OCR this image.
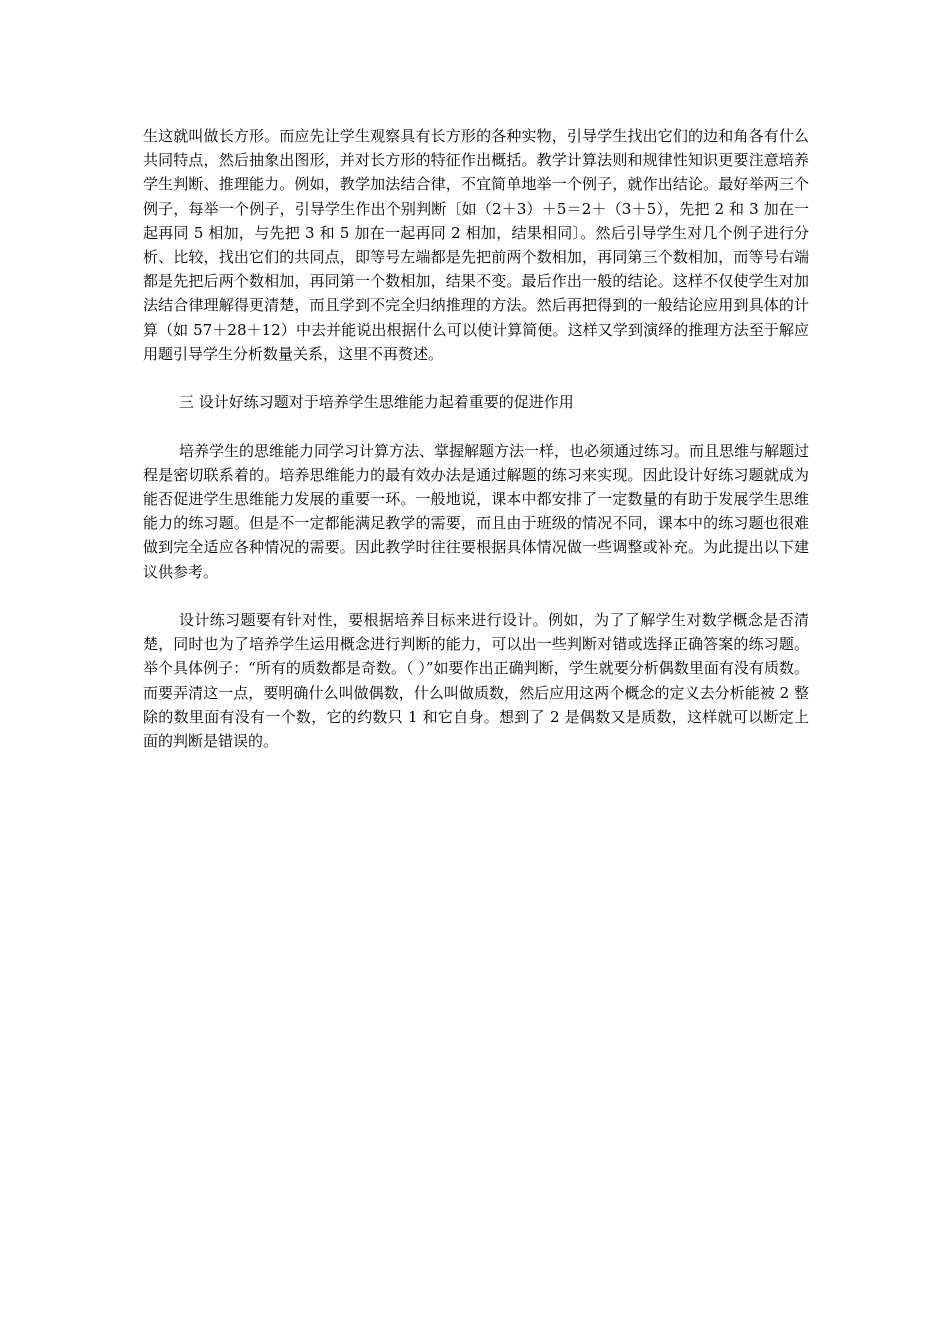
生这就叫做长方形。而应先让学生观察具有长方形的各种实物，引导学生找出它们的边和角各有什么共同特点，然后抽象出图形，并对长方形的特征作出概括。教学计算法则和规律性知识更要注意培养学生判断、推理能力。例如，教学加法结合律，不宜简单地举一个例子，就作出结论。最好举两三个例子，每举一个例子，引导学生作出个别判断〔如（2＋3）＋5＝2＋（3＋5），先把 2 和 3 加在一起再同 5 相加，与先把 3 和 5 加在一起再同 2 相加，结果相同〕。然后引导学生对几个例子进行分析、比较，找出它们的共同点，即等号左端都是先把前两个数相加，再同第三个数相加，而等号右端都是先把后两个数相加，再同第一个数相加，结果不变。最后作出一般的结论。这样不仅使学生对加法结合律理解得更清楚，而且学到不完全归纳推理的方法。然后再把得到的一般结论应用到具体的计算（如 57＋28＋12）中去并能说出根据什么可以使计算简便。这样又学到演绎的推理方法至于解应用题引导学生分析数量关系，这里不再赘述。

三 设计好练习题对于培养学生思维能力起着重要的促进作用

培养学生的思维能力同学习计算方法、掌握解题方法一样，也必须通过练习。而且思维与解题过程是密切联系着的。培养思维能力的最有效办法是通过解题的练习来实现。因此设计好练习题就成为能否促进学生思维能力发展的重要一环。一般地说，课本中都安排了一定数量的有助于发展学生思维能力的练习题。但是不一定都能满足教学的需要，而且由于班级的情况不同，课本中的练习题也很难做到完全适应各种情况的需要。因此教学时往往要根据具体情况做一些调整或补充。为此提出以下建议供参考。

设计练习题要有针对性，要根据培养目标来进行设计。例如，为了了解学生对数学概念是否清楚，同时也为了培养学生运用概念进行判断的能力，可以出一些判断对错或选择正确答案的练习题。举个具体例子：“所有的质数都是奇数。（ ）”如要作出正确判断，学生就要分析偶数里面有没有质数。而要弄清这一点，要明确什么叫做偶数，什么叫做质数，然后应用这两个概念的定义去分析能被 2 整除的数里面有没有一个数，它的约数只 1 和它自身。想到了 2 是偶数又是质数，这样就可以断定上面的判断是错误的。
